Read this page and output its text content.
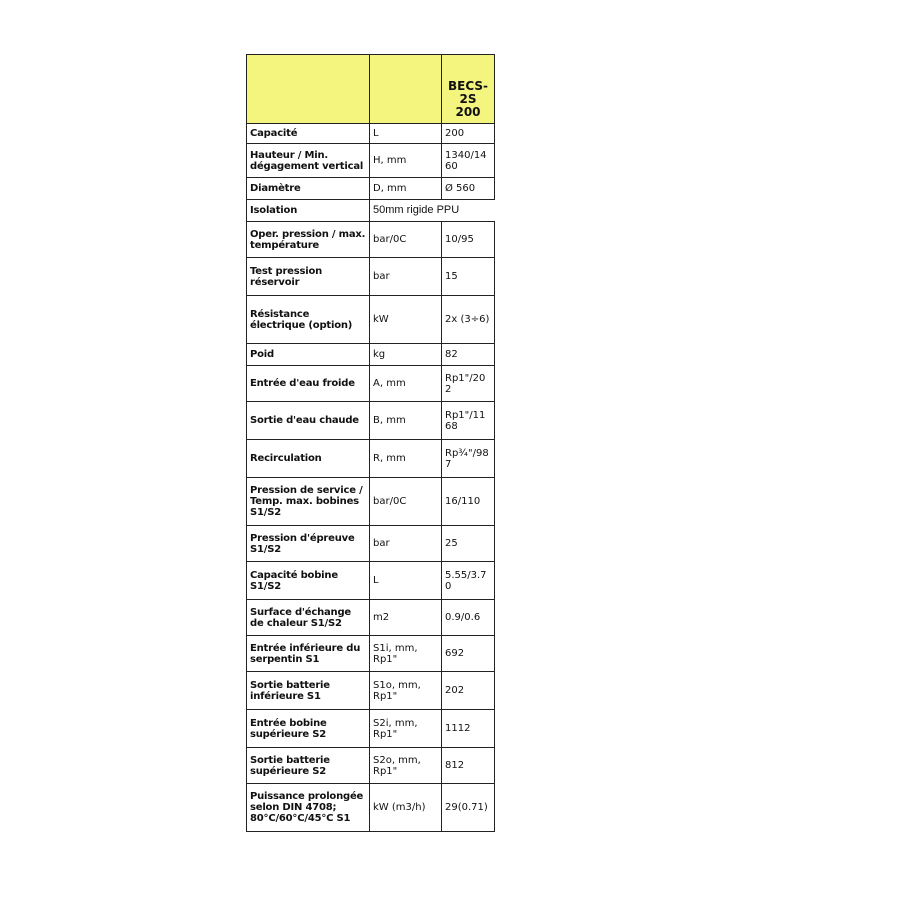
		BECS-2S 200
Capacité	L	200
Hauteur / Min. dégagement vertical	H, mm	1340/1460
Diamètre	D, mm	Ø 560
Isolation	50mm rigide PPU	
Oper. pression / max. température	bar/0C	10/95
Test pression réservoir	bar	15
Résistance électrique (option)	kW	2x (3÷6)
Poid	kg	82
Entrée d'eau froide	A, mm	Rp1"/202
Sortie d'eau chaude	B, mm	Rp1"/1168
Recirculation	R, mm	Rp¾"/987
Pression de service / Temp. max. bobines S1/S2	bar/0C	16/110
Pression d'épreuve S1/S2	bar	25
Capacité bobine S1/S2	L	5.55/3.70
Surface d'échange de chaleur S1/S2	m2	0.9/0.6
Entrée inférieure du serpentin S1	S1i, mm, Rp1"	692
Sortie batterie inférieure S1	S1o, mm, Rp1"	202
Entrée bobine supérieure S2	S2i, mm, Rp1"	1112
Sortie batterie supérieure S2	S2o, mm, Rp1"	812
Puissance prolongée selon DIN 4708; 80°C/60°C/45°C S1	kW (m3/h)	29(0.71)
